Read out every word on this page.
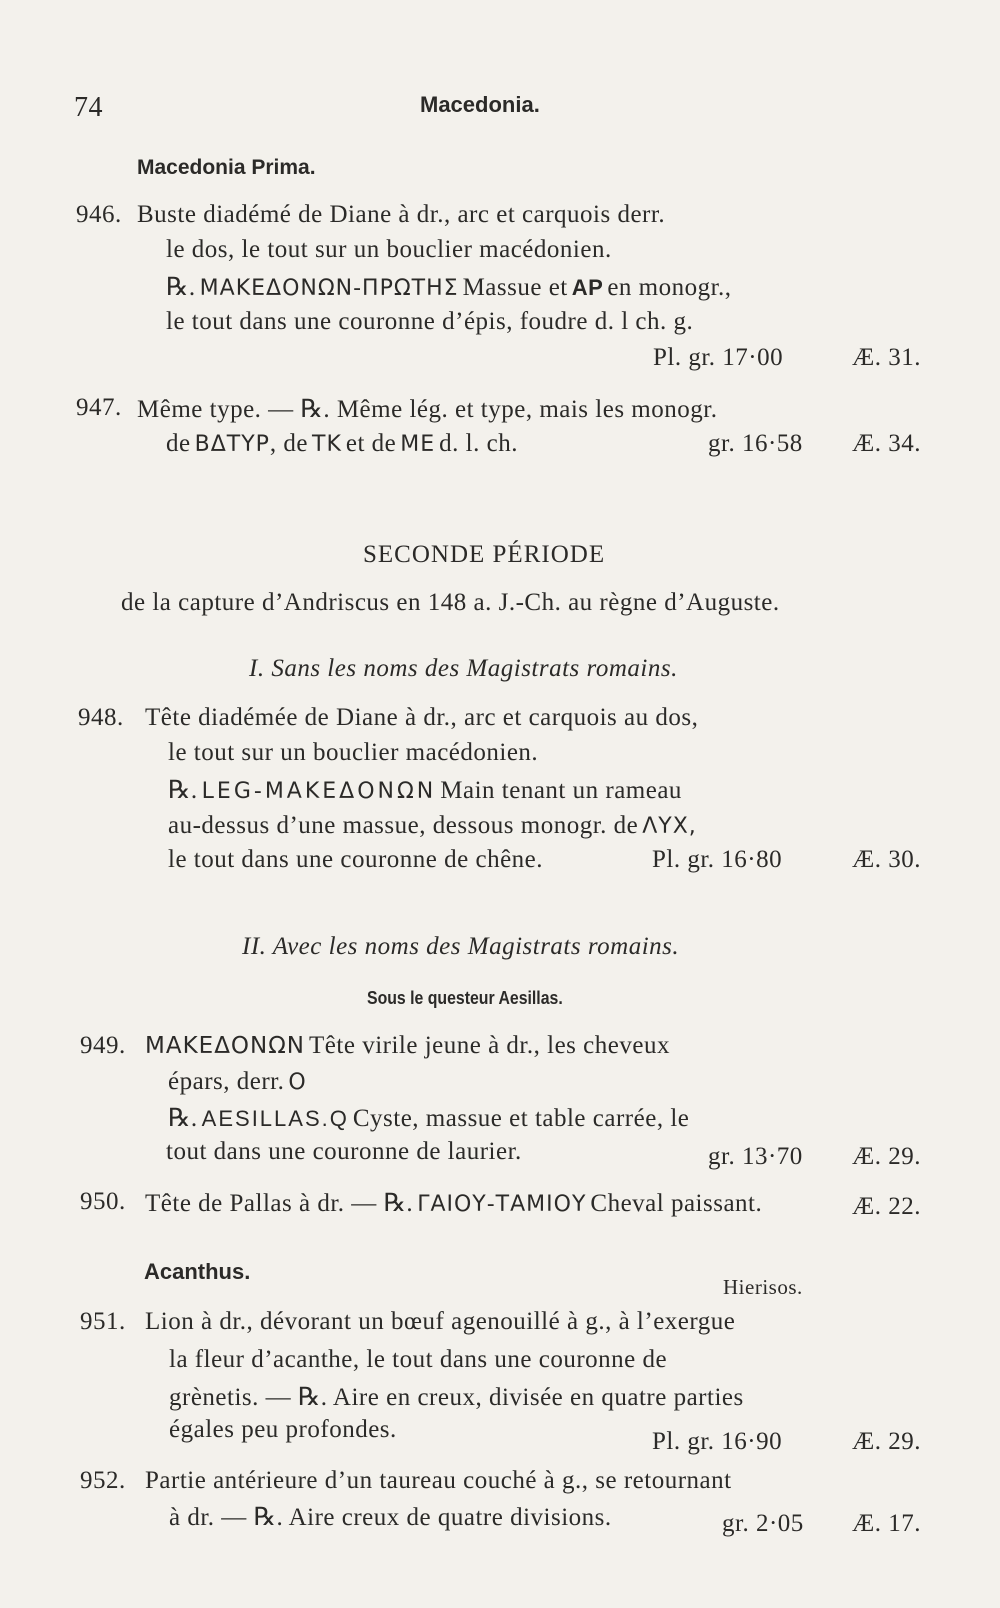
74	Macedonia.
Macedonia Prima.
946. Buste diadémé de Diane à dr., arc et carquois derr.
le dos, le tout sur un bouclier macédonien.
℞. ΜΑΚΕΔΟΝΩΝ-ΠΡΩΤΗΣ Massue et AP en monogr.,
le tout dans une couronne d’épis, foudre d. l ch. g.
Pl. gr. 17·00	Æ. 31.
947. Même type. — ℞. Même lég. et type, mais les monogr.
de ΒΔΤΥΡ, de ΤΚ et de ΜΕ d. l. ch.	gr. 16·58 Æ. 34.
SECONDE PÉRIODE
de la capture d’Andriscus en 148 a. J.-Ch. au règne d’Auguste.
I. Sans les noms des Magistrats romains.
948. Tête diadémée de Diane à dr., arc et carquois au dos,
le tout sur un bouclier macédonien.
℞. LEG-ΜΑΚΕΔΟΝΩΝ Main tenant un rameau
au-dessus d’une massue, dessous monogr. de ΛΥΧ,
le tout dans une couronne de chêne.	Pl. gr. 16·80	Æ. 30.
II. Avec les noms des Magistrats romains.
Sous le questeur Aesillas.
949. ΜΑΚΕΔΟΝΩΝ Tête virile jeune à dr., les cheveux
épars, derr. Ο
℞. AESILLAS.Q Cyste, massue et table carrée, le
tout dans une couronne de laurier.	gr. 13·70 Æ. 29.
950. Tête de Pallas à dr. — ℞. ΓΑΙΟΥ-ΤΑΜΙΟΥ Cheval paissant.	Æ. 22.
Acanthus.
Hierisos.
951. Lion à dr., dévorant un bœuf agenouillé à g., à l’exergue
la fleur d’acanthe, le tout dans une couronne de
grènetis. — ℞. Aire en creux, divisée en quatre parties
égales peu profondes.	Pl. gr. 16·90	Æ. 29.
952. Partie antérieure d’un taureau couché à g., se retournant
à dr. — ℞. Aire creux de quatre divisions.	gr. 2·05 Æ. 17.
